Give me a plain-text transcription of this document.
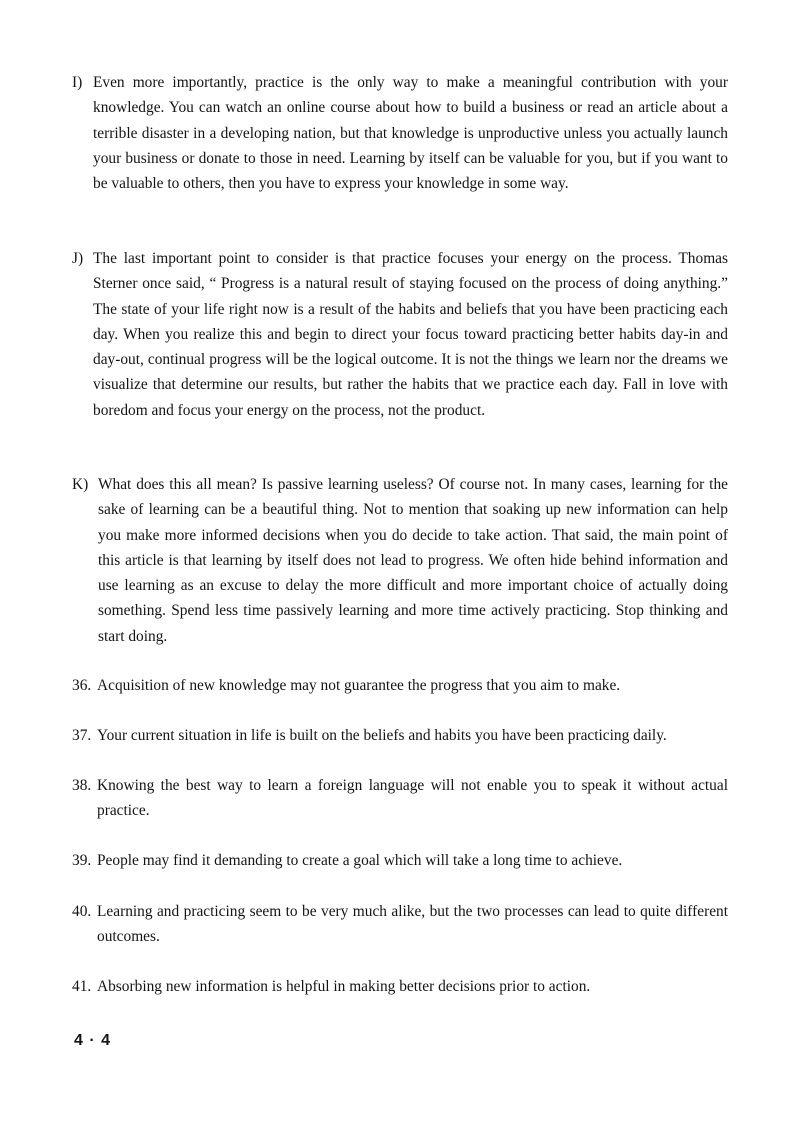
I) Even more importantly, practice is the only way to make a meaningful contribution with your knowledge. You can watch an online course about how to build a business or read an article about a terrible disaster in a developing nation, but that knowledge is unproductive unless you actually launch your business or donate to those in need. Learning by itself can be valuable for you, but if you want to be valuable to others, then you have to express your knowledge in some way.
J) The last important point to consider is that practice focuses your energy on the process. Thomas Sterner once said, “ Progress is a natural result of staying focused on the process of doing anything.” The state of your life right now is a result of the habits and beliefs that you have been practicing each day. When you realize this and begin to direct your focus toward practicing better habits day-in and day-out, continual progress will be the logical outcome. It is not the things we learn nor the dreams we visualize that determine our results, but rather the habits that we practice each day. Fall in love with boredom and focus your energy on the process, not the product.
K) What does this all mean? Is passive learning useless? Of course not. In many cases, learning for the sake of learning can be a beautiful thing. Not to mention that soaking up new information can help you make more informed decisions when you do decide to take action. That said, the main point of this article is that learning by itself does not lead to progress. We often hide behind information and use learning as an excuse to delay the more difficult and more important choice of actually doing something. Spend less time passively learning and more time actively practicing. Stop thinking and start doing.
36. Acquisition of new knowledge may not guarantee the progress that you aim to make.
37. Your current situation in life is built on the beliefs and habits you have been practicing daily.
38. Knowing the best way to learn a foreign language will not enable you to speak it without actual practice.
39. People may find it demanding to create a goal which will take a long time to achieve.
40. Learning and practicing seem to be very much alike, but the two processes can lead to quite different outcomes.
41. Absorbing new information is helpful in making better decisions prior to action.
4 · 4
